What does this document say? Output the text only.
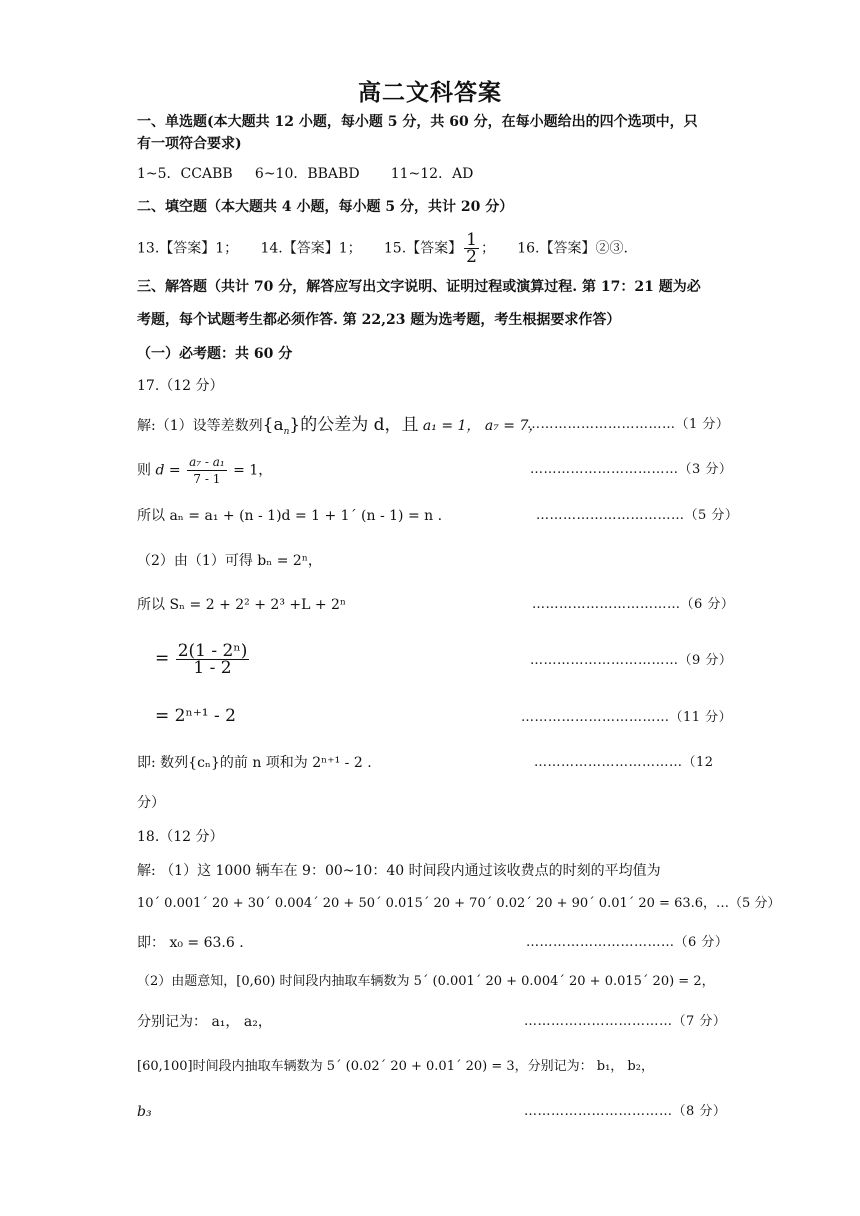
高二文科答案
一、单选题(本大题共 12 小题，每小题 5 分，共 60 分，在每小题给出的四个选项中，只
有一项符合要求)
1~5．CCABB     6~10．BBABD       11~12．AD
二、填空题（本大题共 4 小题，每小题 5 分，共计 20 分）
13.【答案】1； 14.【答案】1； 15.【答案】 $\frac{1}{2}$ ； 16.【答案】②③.
三、解答题（共计 70 分，解答应写出文字说明、证明过程或演算过程. 第 17：21 题为必
考题，每个试题考生都必须作答. 第 22,23 题为选考题，考生根据要求作答）
（一）必考题：共 60 分
17.（12 分）
解:（1）设等差数列$\{a_n\}$的公差为 d，且 a₁ = 1， a₇ = 7，
……………………………（1 分）
则 $d = \frac{\text{a₇ - a₁}}{7 - 1} = 1$，	……………………………（3 分）
所以 aₙ = a₁ + (n - 1)d = 1 + 1´ (n - 1) = n .	……………………………（5 分）
（2）由（1）可得 bₙ = 2ⁿ，
所以 Sₙ = 2 + 2² + 2³ +L + 2ⁿ	……………………………（6 分）
= $\frac{\text{2(1 - 2ⁿ)}}{1 - 2}$	……………………………（9 分）
= 2ⁿ⁺¹ - 2	……………………………（11 分）
即: 数列{cₙ}的前 n 项和为 2ⁿ⁺¹ - 2 .	……………………………（12
分）
18.（12 分）
解: （1）这 1000 辆车在 9：00~10：40 时间段内通过该收费点的时刻的平均值为
10´ 0.001´ 20 + 30´ 0.004´ 20 + 50´ 0.015´ 20 + 70´ 0.02´ 20 + 90´ 0.01´ 20 = 63.6，…（5 分）
即： x₀ = 63.6 .	……………………………（6 分）
（2）由题意知，[0,60) 时间段内抽取车辆数为 5´ (0.001´ 20 + 0.004´ 20 + 0.015´ 20) = 2，
分别记为： a₁， a₂，	……………………………（7 分）
[60,100]时间段内抽取车辆数为 5´ (0.02´ 20 + 0.01´ 20) = 3，分别记为： b₁， b₂，
b₃	……………………………（8 分）
